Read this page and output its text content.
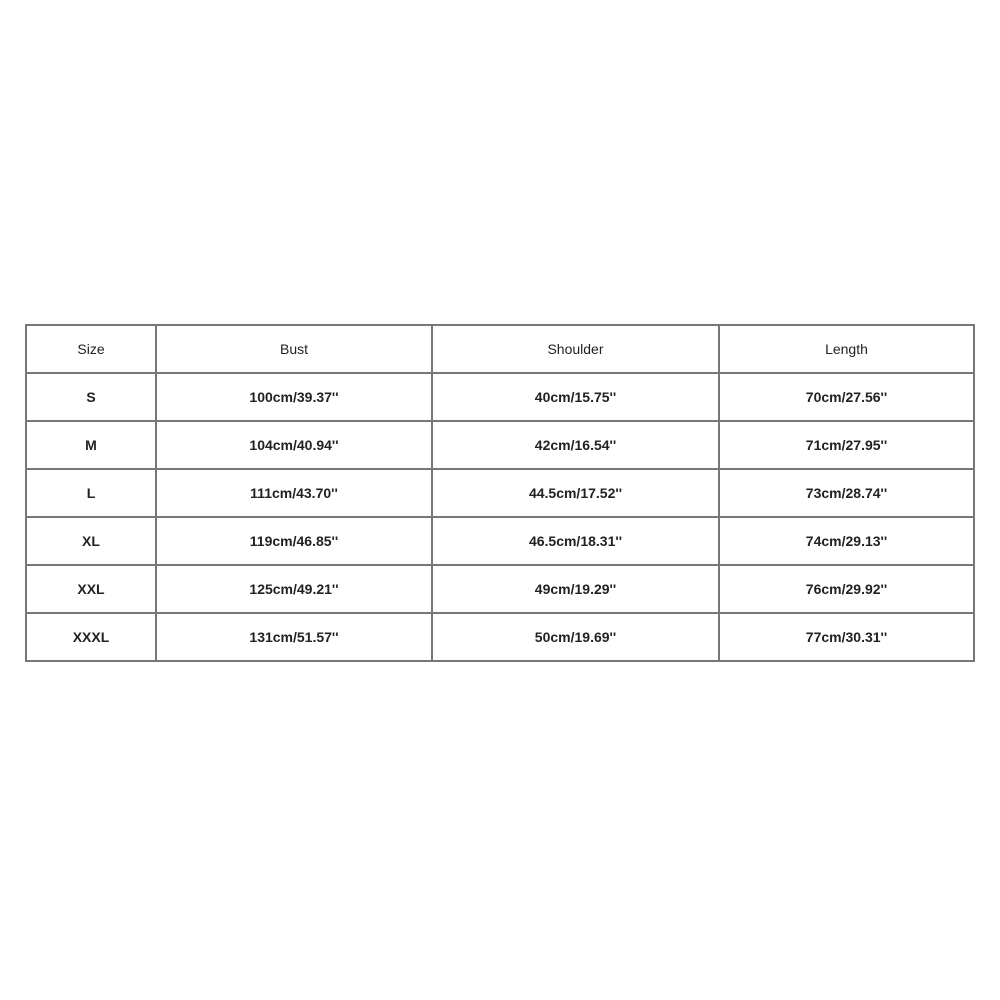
Size	Bust	Shoulder	Length
S	100cm/39.37''	40cm/15.75''	70cm/27.56''
M	104cm/40.94''	42cm/16.54''	71cm/27.95''
L	111cm/43.70''	44.5cm/17.52''	73cm/28.74''
XL	119cm/46.85''	46.5cm/18.31''	74cm/29.13''
XXL	125cm/49.21''	49cm/19.29''	76cm/29.92''
XXXL	131cm/51.57''	50cm/19.69''	77cm/30.31''
